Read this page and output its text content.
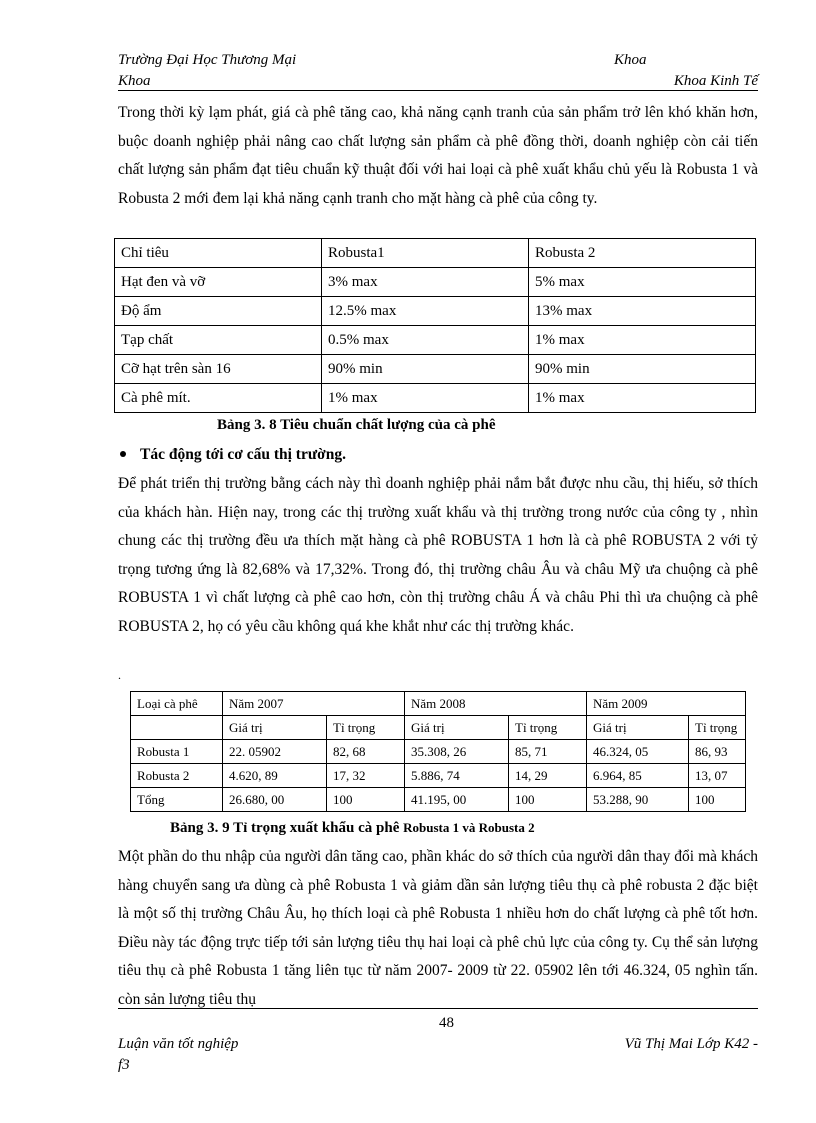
Trường Đại Học Thương Mại	Khoa
Khoa	Khoa Kinh Tế
Trong thời kỳ lạm phát, giá cà phê tăng cao, khả năng cạnh tranh của sản phẩm trở lên khó khăn hơn, buộc doanh nghiệp phải nâng cao chất lượng sản phẩm cà phê đồng thời, doanh nghiệp còn cải tiến chất lượng sản phẩm đạt tiêu chuẩn kỹ thuật đối với hai loại cà phê xuất khẩu chủ yếu là Robusta 1 và Robusta 2 mới đem lại khả năng cạnh tranh cho mặt hàng cà phê của công ty.
Chỉ tiêu	Robusta1	Robusta 2
Hạt đen và vỡ	3% max	5% max
Độ ẩm	12.5% max	13% max
Tạp chất	0.5% max	1% max
Cỡ hạt trên sàn 16	90% min	90% min
Cà phê mít.	1% max	1% max
Bảng 3. 8 Tiêu chuẩn chất lượng của cà phê
Tác động tới cơ cấu thị trường.
Để phát triển thị trường bằng cách này thì doanh nghiệp phải nắm bắt được nhu cầu, thị hiếu, sở thích của khách hàn. Hiện nay, trong các thị trường xuất khẩu và thị trường trong nước của công ty , nhìn chung các thị trường đều ưa thích mặt hàng cà phê ROBUSTA 1 hơn là cà phê ROBUSTA 2 với tỷ trọng tương ứng là 82,68% và 17,32%. Trong đó, thị trường châu Âu và châu Mỹ ưa chuộng cà phê ROBUSTA 1 vì chất lượng cà phê cao hơn, còn thị trường châu Á và châu Phi thì ưa chuộng cà phê ROBUSTA 2, họ có yêu cầu không quá khe khắt như các thị trường khác.
.
Loại cà phê	Năm 2007		Năm 2008		Năm 2009	
	Giá trị	Tỉ trọng	Giá trị	Tỉ trọng	Giá trị	Tỉ trọng
Robusta 1	22. 05902	82, 68	35.308, 26	85, 71	46.324, 05	86, 93
Robusta 2	4.620, 89	17, 32	5.886, 74	14, 29	6.964, 85	13, 07
Tổng	26.680, 00	100	41.195, 00	100	53.288, 90	100
Bảng 3. 9 Tỉ trọng xuất khẩu cà phê Robusta 1 và Robusta 2
Một phần do thu nhập của người dân tăng cao, phần khác do sở thích của người dân thay đổi mà khách hàng chuyển sang ưa dùng cà phê Robusta 1 và giảm dần sản lượng tiêu thụ cà phê robusta 2 đặc biệt là một số thị trường Châu Âu, họ thích loại cà phê Robusta 1 nhiều hơn do chất lượng cà phê tốt hơn. Điều này tác động trực tiếp tới sản lượng tiêu thụ hai loại cà phê chủ lực của công ty. Cụ thể sản lượng tiêu thụ cà phê Robusta 1 tăng liên tục từ năm 2007- 2009 từ 22. 05902 lên tới 46.324, 05 nghìn tấn. còn sản lượng tiêu thụ
48
Luận văn tốt nghiệp	Vũ Thị Mai Lớp K42 -
f3
